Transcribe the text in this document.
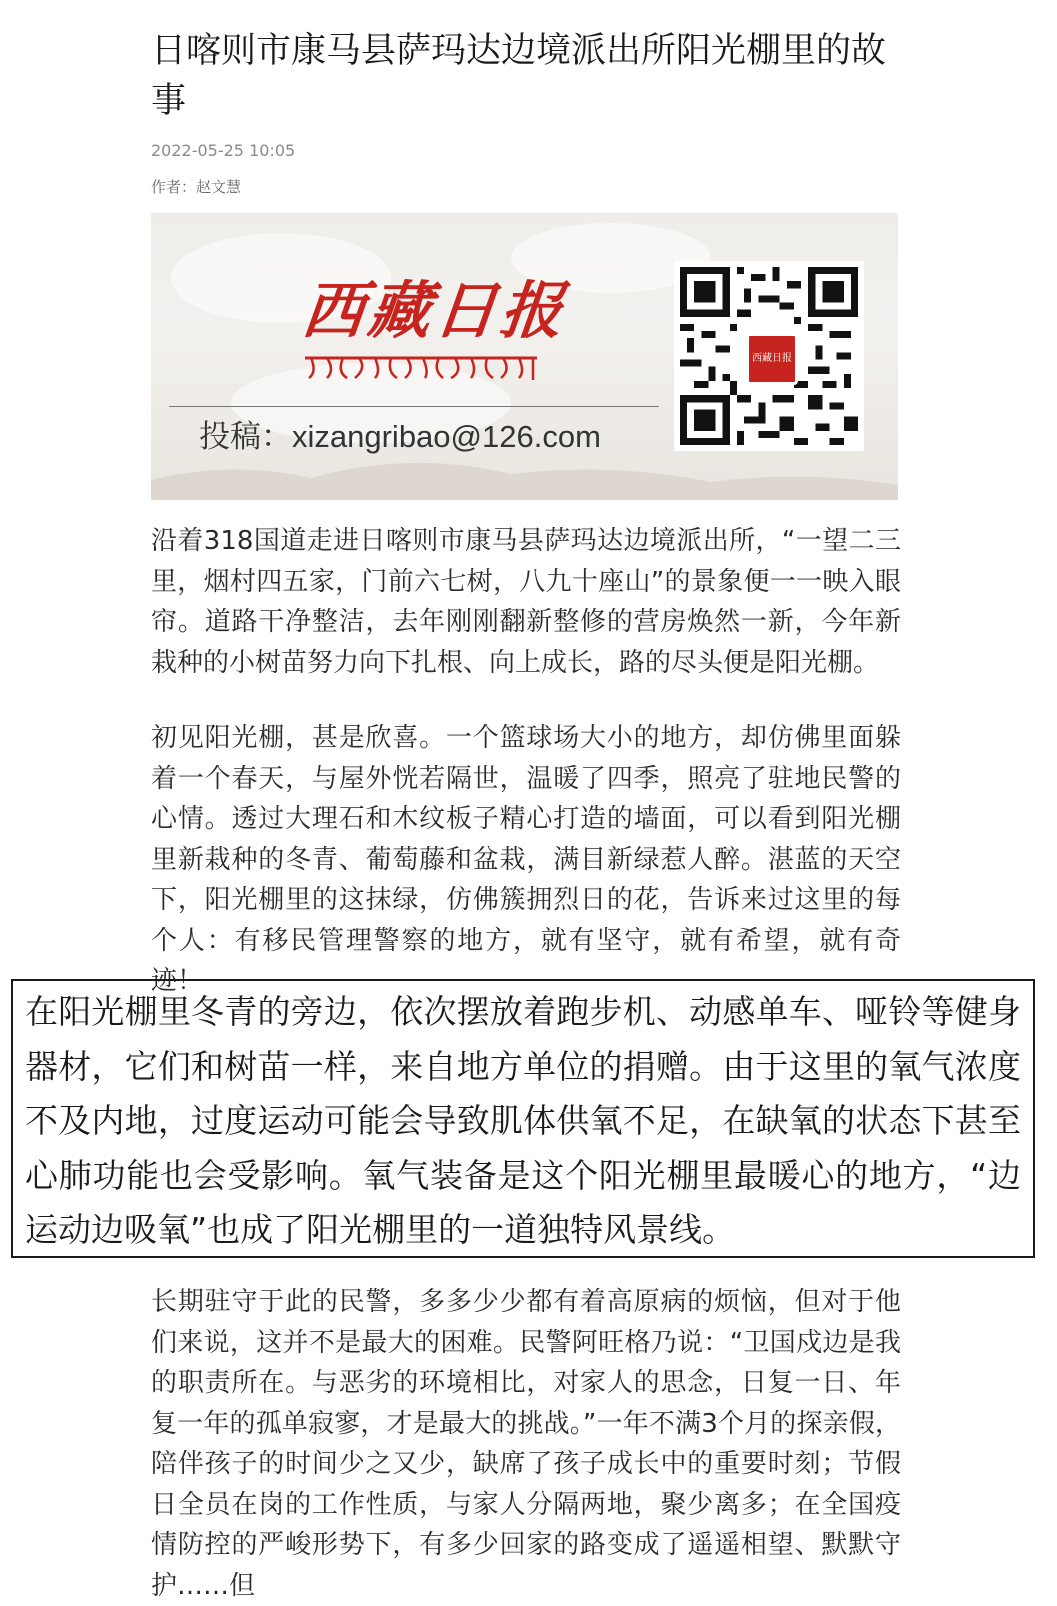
日喀则市康马县萨玛达边境派出所阳光棚里的故事
2022-05-25 10:05
作者：赵文慧
西藏日报
投稿：xizangribao@126.com
西藏日报

沿着318国道走进日喀则市康马县萨玛达边境派出所，“一望二三里，烟村四五家，门前六七树，八九十座山”的景象便一一映入眼帘。道路干净整洁，去年刚刚翻新整修的营房焕然一新，今年新栽种的小树苗努力向下扎根、向上成长，路的尽头便是阳光棚。

初见阳光棚，甚是欣喜。一个篮球场大小的地方，却仿佛里面躲着一个春天，与屋外恍若隔世，温暖了四季，照亮了驻地民警的心情。透过大理石和木纹板子精心打造的墙面，可以看到阳光棚里新栽种的冬青、葡萄藤和盆栽，满目新绿惹人醉。湛蓝的天空下，阳光棚里的这抹绿，仿佛簇拥烈日的花，告诉来过这里的每个人：有移民管理警察的地方，就有坚守，就有希望，就有奇迹！

在阳光棚里冬青的旁边，依次摆放着跑步机、动感单车、哑铃等健身器材，它们和树苗一样，来自地方单位的捐赠。由于这里的氧气浓度不及内地，过度运动可能会导致肌体供氧不足，在缺氧的状态下甚至心肺功能也会受影响。氧气装备是这个阳光棚里最暖心的地方，“边运动边吸氧”也成了阳光棚里的一道独特风景线。

长期驻守于此的民警，多多少少都有着高原病的烦恼，但对于他们来说，这并不是最大的困难。民警阿旺格乃说：“卫国戍边是我的职责所在。与恶劣的环境相比，对家人的思念，日复一日、年复一年的孤单寂寥，才是最大的挑战。”一年不满3个月的探亲假，陪伴孩子的时间少之又少，缺席了孩子成长中的重要时刻；节假日全员在岗的工作性质，与家人分隔两地，聚少离多；在全国疫情防控的严峻形势下，有多少回家的路变成了遥遥相望、默默守护……但
